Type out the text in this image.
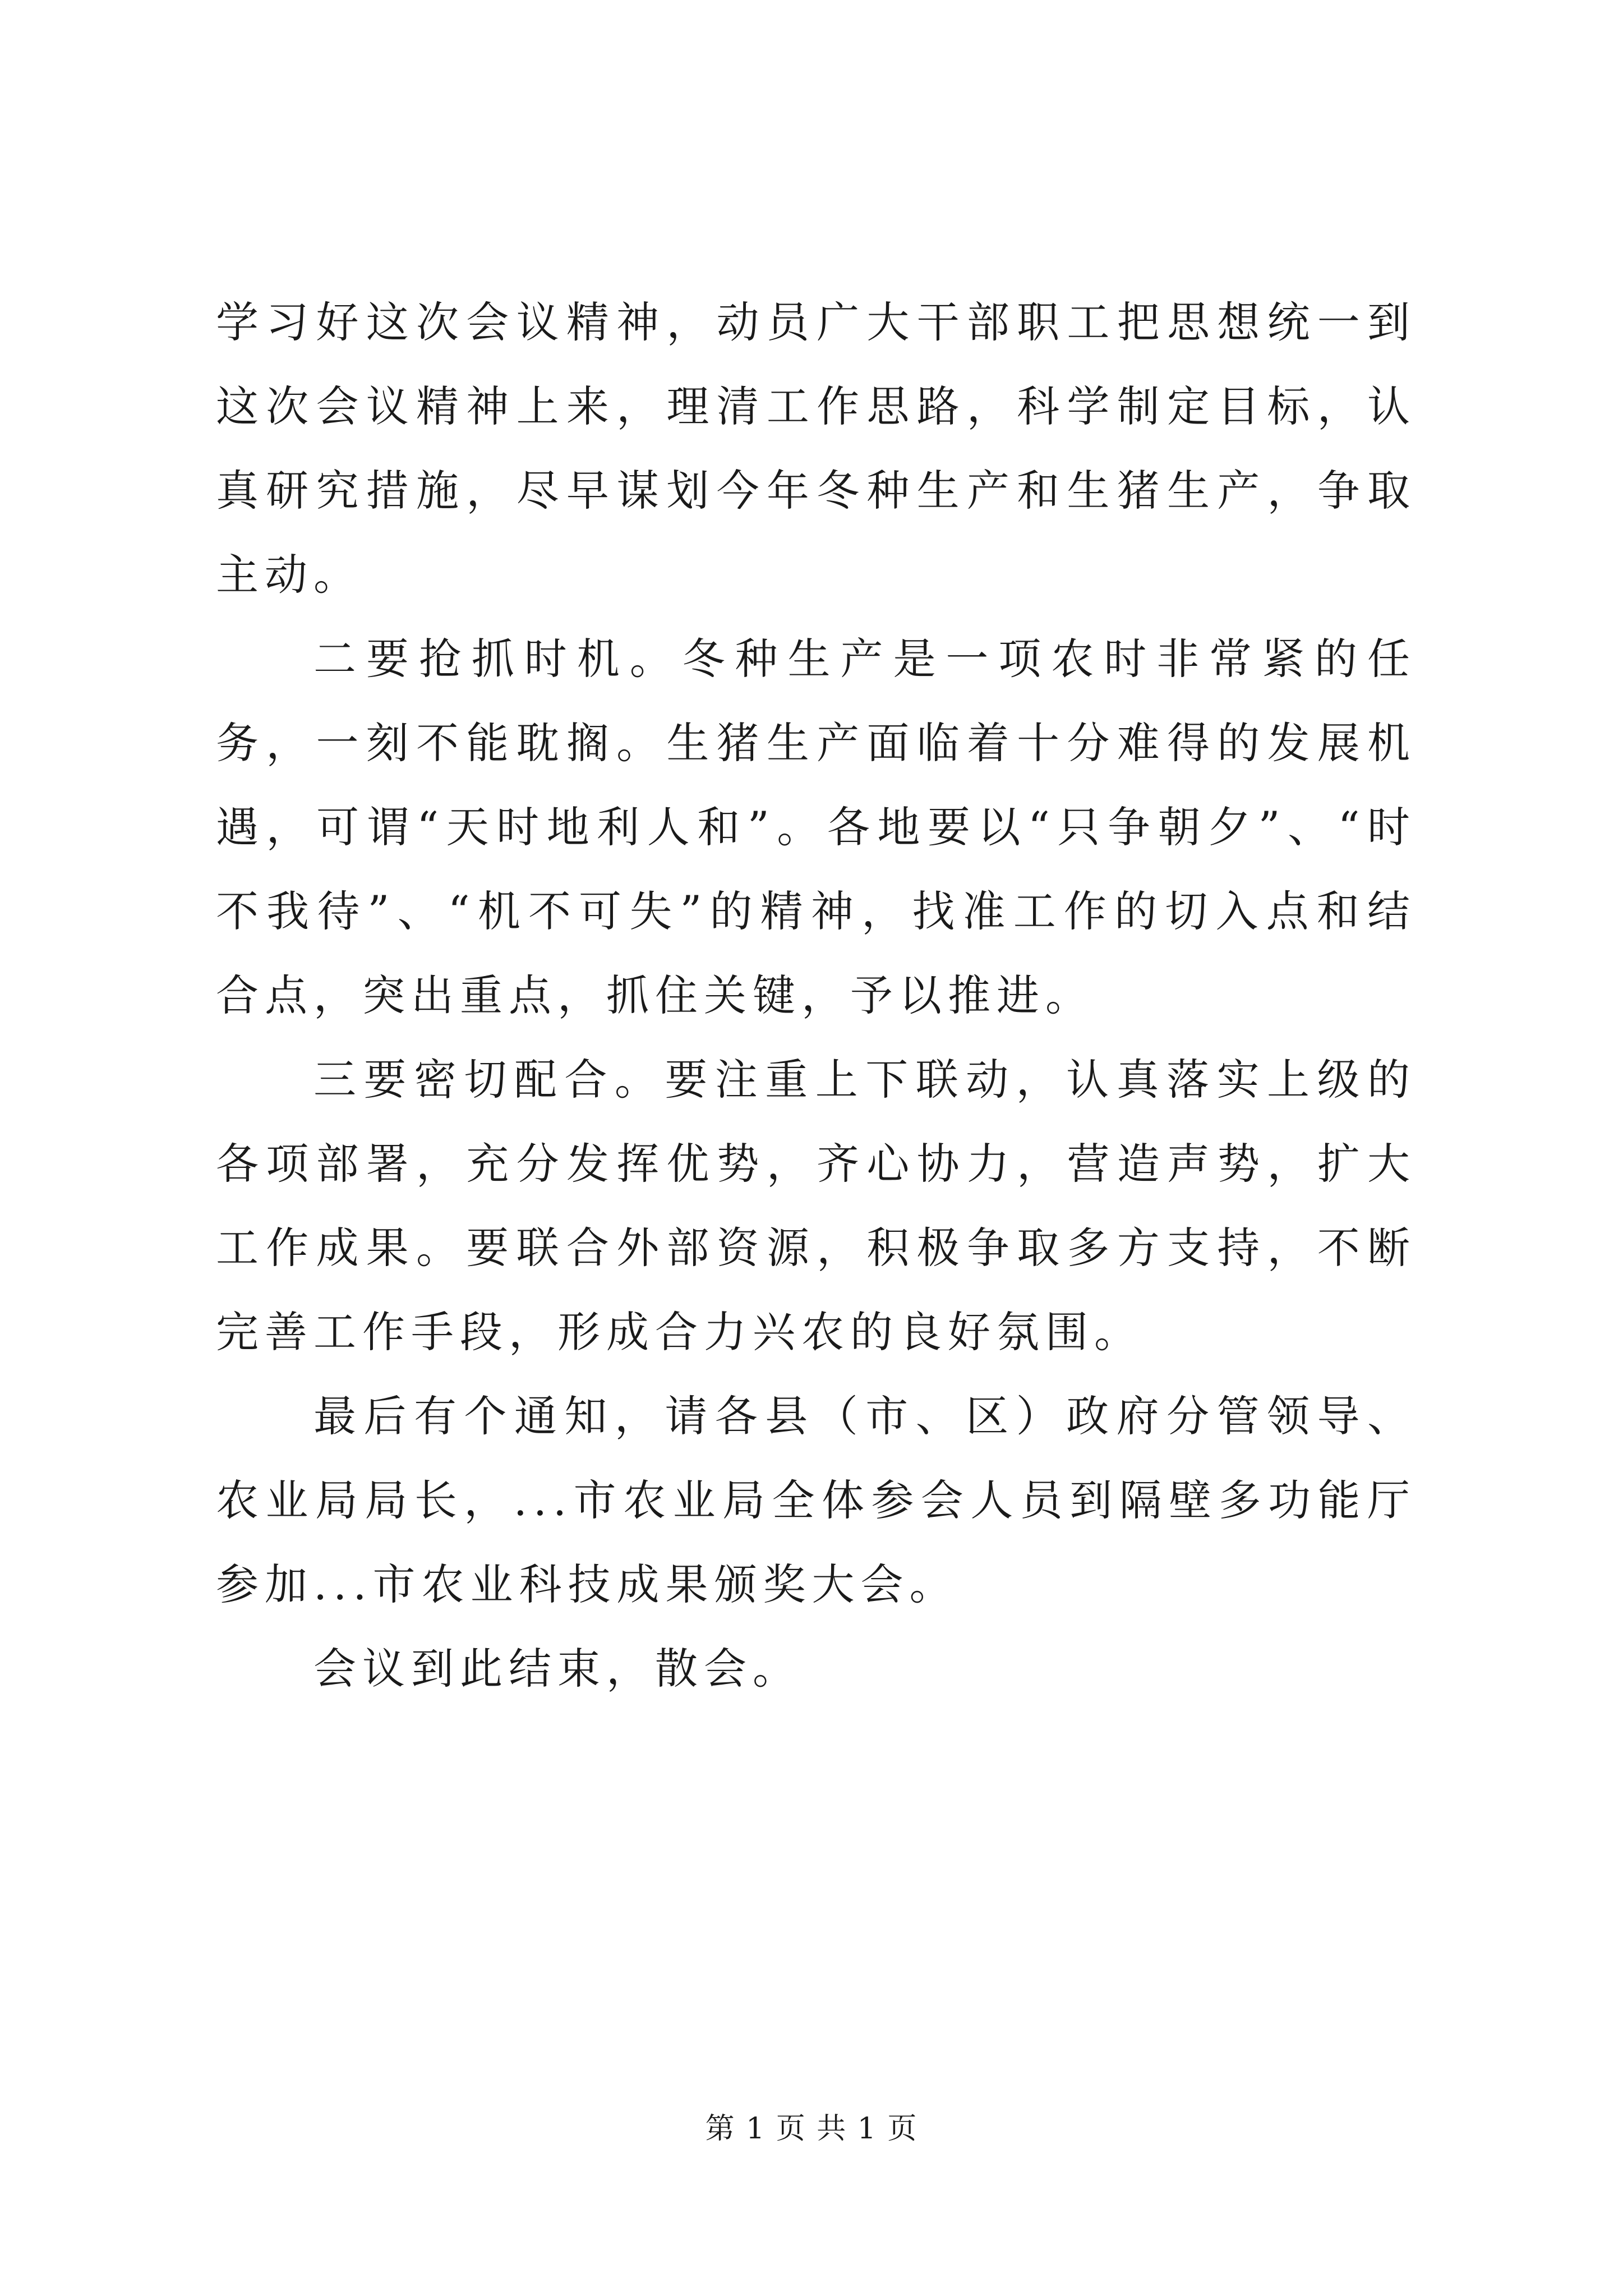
学习好这次会议精神，动员广大干部职工把思想统一到这次会议精神上来，理清工作思路，科学制定目标，认真研究措施，尽早谋划今年冬种生产和生猪生产，争取主动。

二要抢抓时机。冬种生产是一项农时非常紧的任务，一刻不能耽搁。生猪生产面临着十分难得的发展机遇，可谓“天时地利人和”。各地要以“只争朝夕”、“时不我待”、“机不可失”的精神，找准工作的切入点和结合点，突出重点，抓住关键，予以推进。

三要密切配合。要注重上下联动，认真落实上级的各项部署，充分发挥优势，齐心协力，营造声势，扩大工作成果。要联合外部资源，积极争取多方支持，不断完善工作手段，形成合力兴农的良好氛围。

最后有个通知，请各县（市、区）政府分管领导、农业局局长，...市农业局全体参会人员到隔壁多功能厅参加...市农业科技成果颁奖大会。

会议到此结束，散会。

第 1 页 共 1 页
